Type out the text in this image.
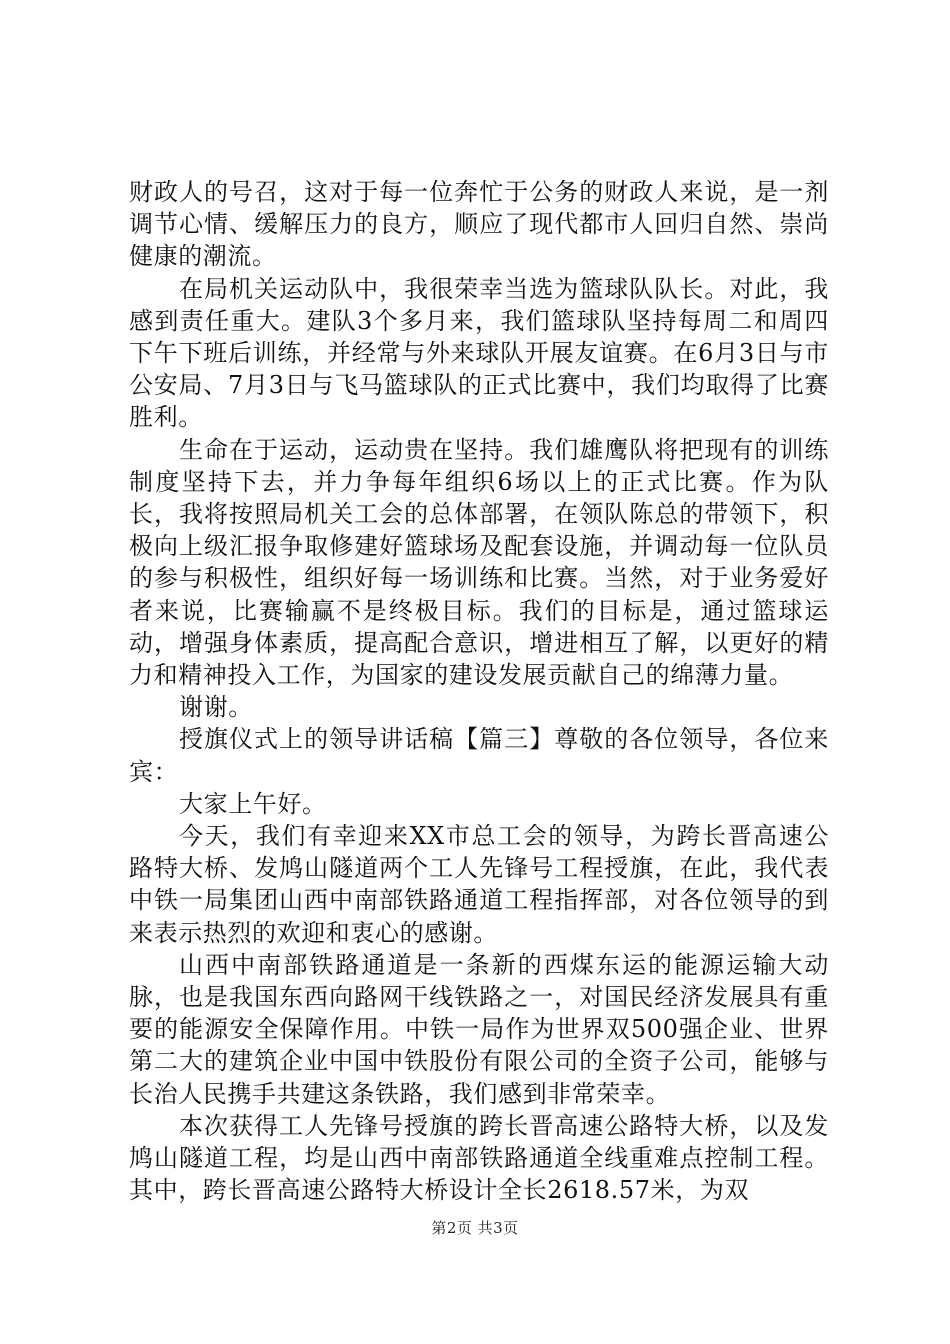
财政人的号召，这对于每一位奔忙于公务的财政人来说，是一剂调节心情、缓解压力的良方，顺应了现代都市人回归自然、崇尚健康的潮流。

在局机关运动队中，我很荣幸当选为篮球队队长。对此，我感到责任重大。建队3个多月来，我们篮球队坚持每周二和周四下午下班后训练，并经常与外来球队开展友谊赛。在6月3日与市公安局、7月3日与飞马篮球队的正式比赛中，我们均取得了比赛胜利。

生命在于运动，运动贵在坚持。我们雄鹰队将把现有的训练制度坚持下去，并力争每年组织6场以上的正式比赛。作为队长，我将按照局机关工会的总体部署，在领队陈总的带领下，积极向上级汇报争取修建好篮球场及配套设施，并调动每一位队员的参与积极性，组织好每一场训练和比赛。当然，对于业务爱好者来说，比赛输赢不是终极目标。我们的目标是，通过篮球运动，增强身体素质，提高配合意识，增进相互了解，以更好的精力和精神投入工作，为国家的建设发展贡献自己的绵薄力量。

谢谢。

授旗仪式上的领导讲话稿【篇三】尊敬的各位领导，各位来宾：

大家上午好。

今天，我们有幸迎来XX市总工会的领导，为跨长晋高速公路特大桥、发鸠山隧道两个工人先锋号工程授旗，在此，我代表中铁一局集团山西中南部铁路通道工程指挥部，对各位领导的到来表示热烈的欢迎和衷心的感谢。

山西中南部铁路通道是一条新的西煤东运的能源运输大动脉，也是我国东西向路网干线铁路之一，对国民经济发展具有重要的能源安全保障作用。中铁一局作为世界双500强企业、世界第二大的建筑企业中国中铁股份有限公司的全资子公司，能够与长治人民携手共建这条铁路，我们感到非常荣幸。

本次获得工人先锋号授旗的跨长晋高速公路特大桥，以及发鸠山隧道工程，均是山西中南部铁路通道全线重难点控制工程。其中，跨长晋高速公路特大桥设计全长2618.57米，为双

第2页 共3页
